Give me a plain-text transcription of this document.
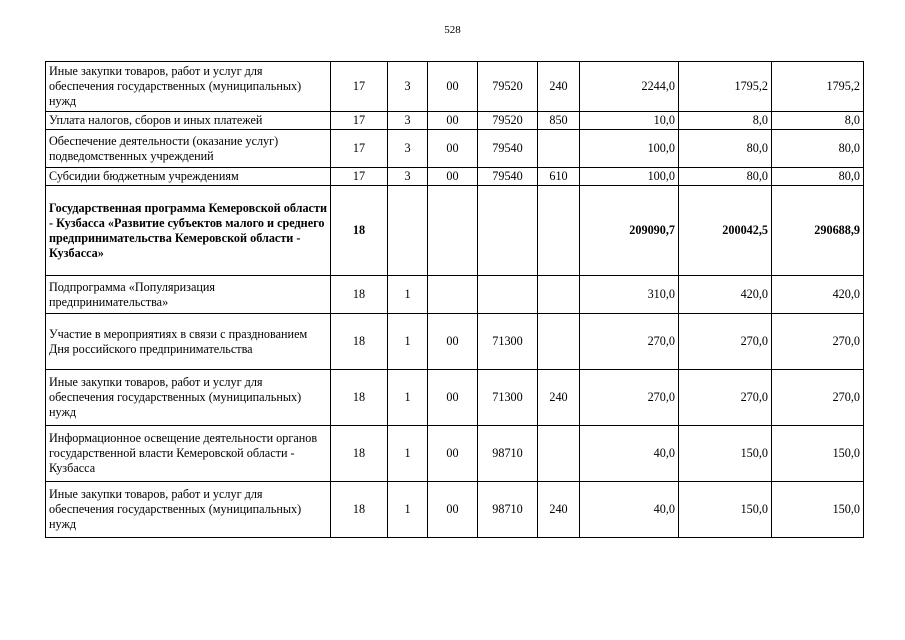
528
Иные закупки товаров, работ и услуг для обеспечения государственных (муниципальных) нужд	17	3	00	79520	240	2244,0	1795,2	1795,2
Уплата налогов, сборов и иных платежей	17	3	00	79520	850	10,0	8,0	8,0
Обеспечение деятельности (оказание услуг) подведомственных учреждений	17	3	00	79540		100,0	80,0	80,0
Субсидии бюджетным учреждениям	17	3	00	79540	610	100,0	80,0	80,0
Государственная программа Кемеровской области - Кузбасса «Развитие субъектов малого и среднего предпринимательства Кемеровской области - Кузбасса»	18					209090,7	200042,5	290688,9
Подпрограмма «Популяризация предпринимательства»	18	1				310,0	420,0	420,0
Участие в мероприятиях в связи с празднованием Дня российского предпринимательства	18	1	00	71300		270,0	270,0	270,0
Иные закупки товаров, работ и услуг для обеспечения государственных (муниципальных) нужд	18	1	00	71300	240	270,0	270,0	270,0
Информационное освещение деятельности органов государственной власти Кемеровской области - Кузбасса	18	1	00	98710		40,0	150,0	150,0
Иные закупки товаров, работ и услуг для обеспечения государственных (муниципальных) нужд	18	1	00	98710	240	40,0	150,0	150,0
